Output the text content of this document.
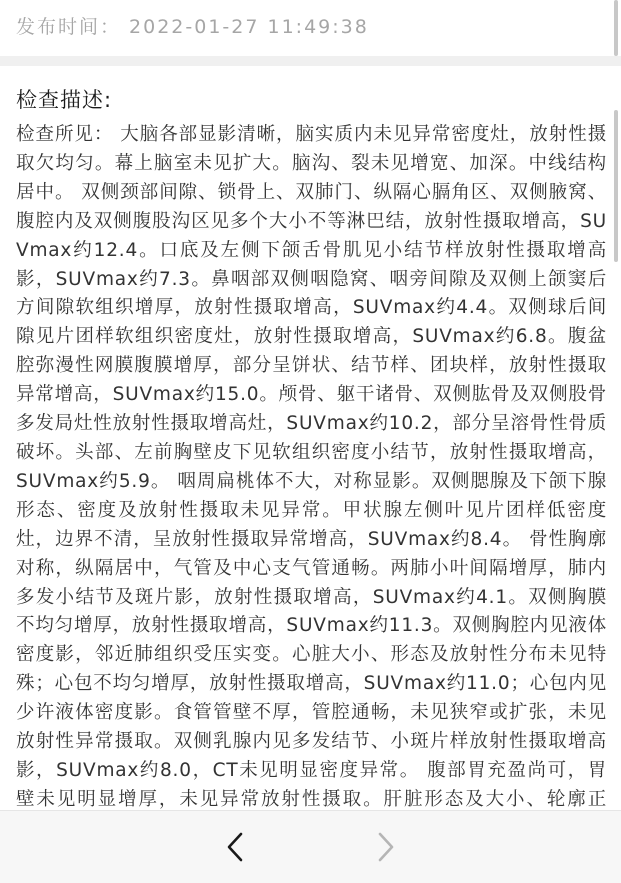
发布时间： 2022-01-27 11:49:38
检查描述:
检查所见： 大脑各部显影清晰，脑实质内未见异常密度灶，放射性摄取欠均匀。幕上脑室未见扩大。脑沟、裂未见增宽、加深。中线结构居中。 双侧颈部间隙、锁骨上、双肺门、纵隔心膈角区、双侧腋窝、腹腔内及双侧腹股沟区见多个大小不等淋巴结，放射性摄取增高，SUVmax约12.4。口底及左侧下颌舌骨肌见小结节样放射性摄取增高影，SUVmax约7.3。鼻咽部双侧咽隐窝、咽旁间隙及双侧上颌窦后方间隙软组织增厚，放射性摄取增高，SUVmax约4.4。双侧球后间隙见片团样软组织密度灶，放射性摄取增高，SUVmax约6.8。腹盆腔弥漫性网膜腹膜增厚，部分呈饼状、结节样、团块样，放射性摄取异常增高，SUVmax约15.0。颅骨、躯干诸骨、双侧肱骨及双侧股骨多发局灶性放射性摄取增高灶，SUVmax约10.2，部分呈溶骨性骨质破坏。头部、左前胸壁皮下见软组织密度小结节，放射性摄取增高，SUVmax约5.9。 咽周扁桃体不大，对称显影。双侧腮腺及下颌下腺形态、密度及放射性摄取未见异常。甲状腺左侧叶见片团样低密度灶，边界不清，呈放射性摄取异常增高，SUVmax约8.4。 骨性胸廓对称，纵隔居中，气管及中心支气管通畅。两肺小叶间隔增厚，肺内多发小结节及斑片影，放射性摄取增高，SUVmax约4.1。双侧胸膜不均匀增厚，放射性摄取增高，SUVmax约11.3。双侧胸腔内见液体密度影，邻近肺组织受压实变。心脏大小、形态及放射性分布未见特殊；心包不均匀增厚，放射性摄取增高，SUVmax约11.0；心包内见少许液体密度影。食管管壁不厚，管腔通畅，未见狭窄或扩张，未见放射性异常摄取。双侧乳腺内见多发结节、小斑片样放射性摄取增高影，SUVmax约8.0，CT未见明显密度异常。 腹部胃充盈尚可，胃壁未见明显增厚，未见异常放射性摄取。肝脏形态及大小、轮廓正
